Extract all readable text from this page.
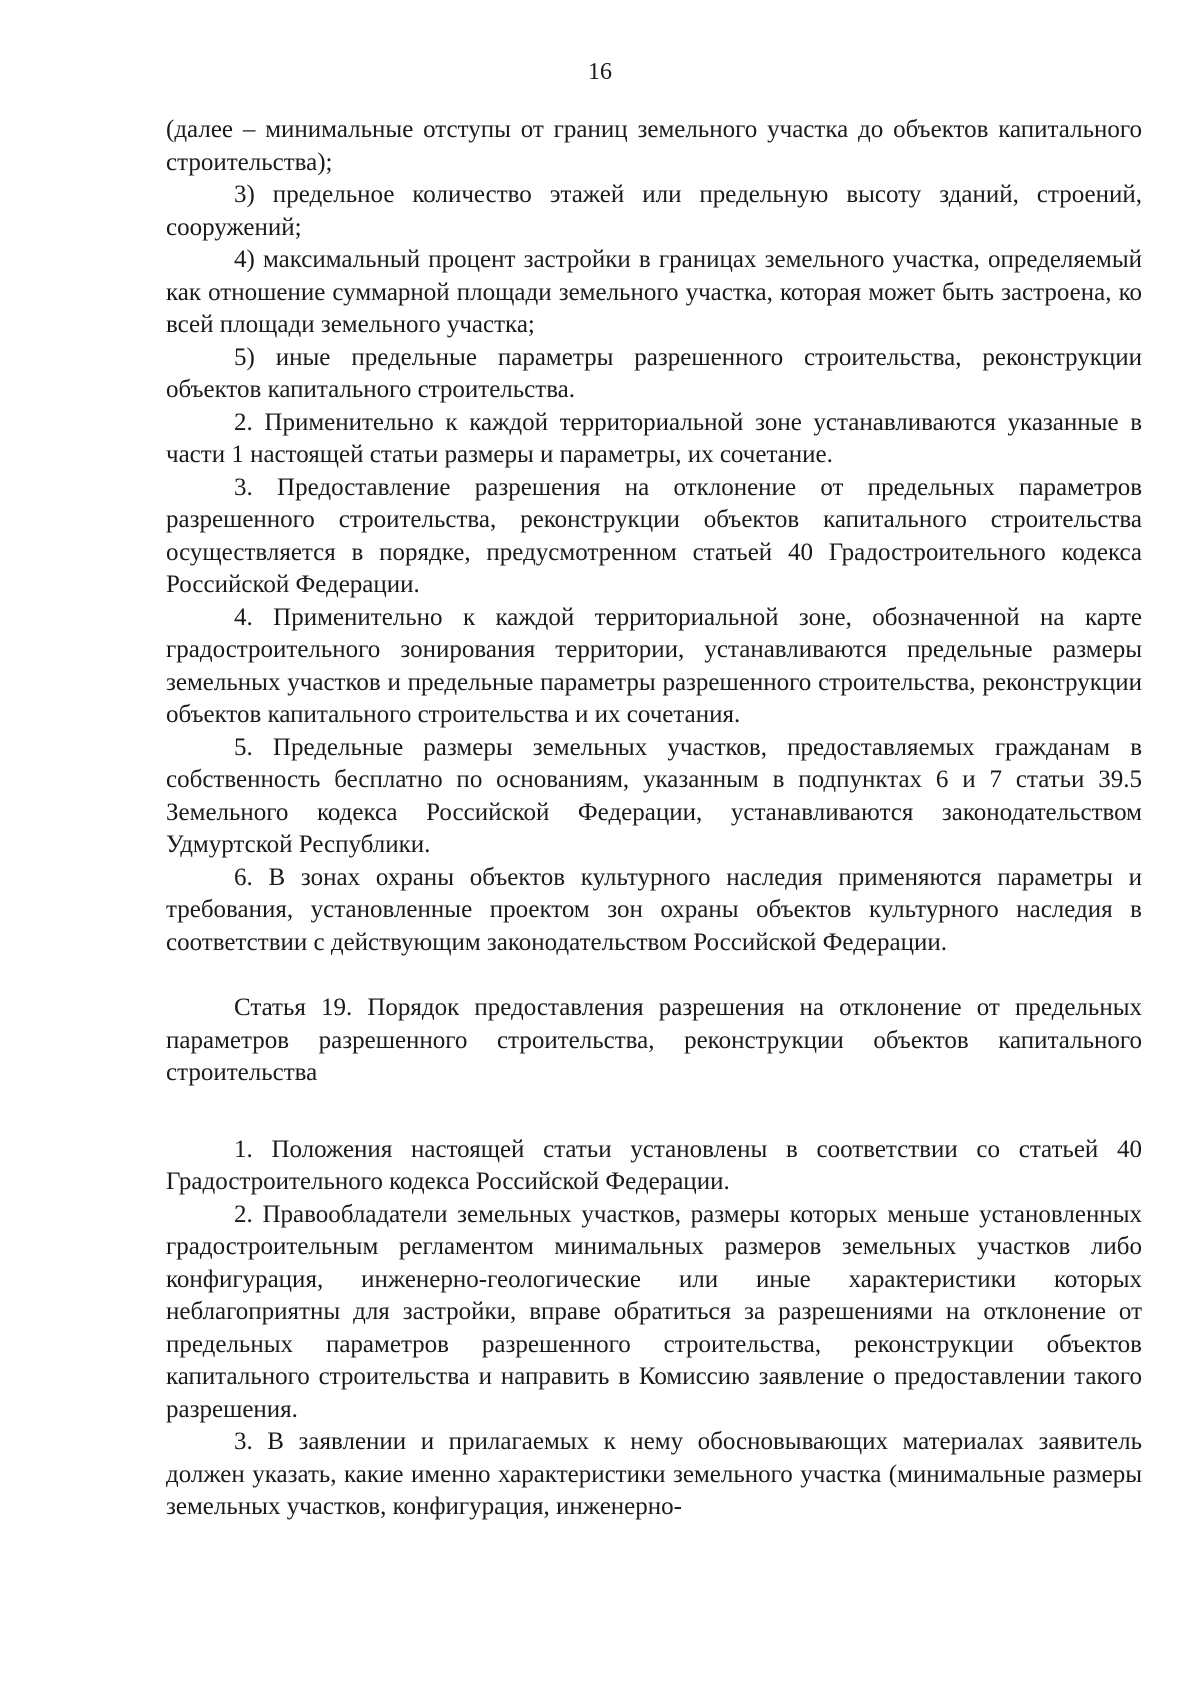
16

(далее – минимальные отступы от границ земельного участка до объектов капитального строительства);

3) предельное количество этажей или предельную высоту зданий, строений, сооружений;

4) максимальный процент застройки в границах земельного участка, определяемый как отношение суммарной площади земельного участка, которая может быть застроена, ко всей площади земельного участка;

5) иные предельные параметры разрешенного строительства, реконструкции объектов капитального строительства.

2. Применительно к каждой территориальной зоне устанавливаются указанные в части 1 настоящей статьи размеры и параметры, их сочетание.

3. Предоставление разрешения на отклонение от предельных параметров разрешенного строительства, реконструкции объектов капитального строительства осуществляется в порядке, предусмотренном статьей 40 Градостроительного кодекса Российской Федерации.

4. Применительно к каждой территориальной зоне, обозначенной на карте градостроительного зонирования территории, устанавливаются предельные размеры земельных участков и предельные параметры разрешенного строительства, реконструкции объектов капитального строительства и их сочетания.

5. Предельные размеры земельных участков, предоставляемых гражданам в собственность бесплатно по основаниям, указанным в подпунктах 6 и 7 статьи 39.5 Земельного кодекса Российской Федерации, устанавливаются законодательством Удмуртской Республики.

6. В зонах охраны объектов культурного наследия применяются параметры и требования, установленные проектом зон охраны объектов культурного наследия в соответствии с действующим законодательством Российской Федерации.

Статья 19. Порядок предоставления разрешения на отклонение от предельных параметров разрешенного строительства, реконструкции объектов капитального строительства

1. Положения настоящей статьи установлены в соответствии со статьей 40 Градостроительного кодекса Российской Федерации.

2. Правообладатели земельных участков, размеры которых меньше установленных градостроительным регламентом минимальных размеров земельных участков либо конфигурация, инженерно-геологические или иные характеристики которых неблагоприятны для застройки, вправе обратиться за разрешениями на отклонение от предельных параметров разрешенного строительства, реконструкции объектов капитального строительства и направить в Комиссию заявление о предоставлении такого разрешения.

3. В заявлении и прилагаемых к нему обосновывающих материалах заявитель должен указать, какие именно характеристики земельного участка (минимальные размеры земельных участков, конфигурация, инженерно-
